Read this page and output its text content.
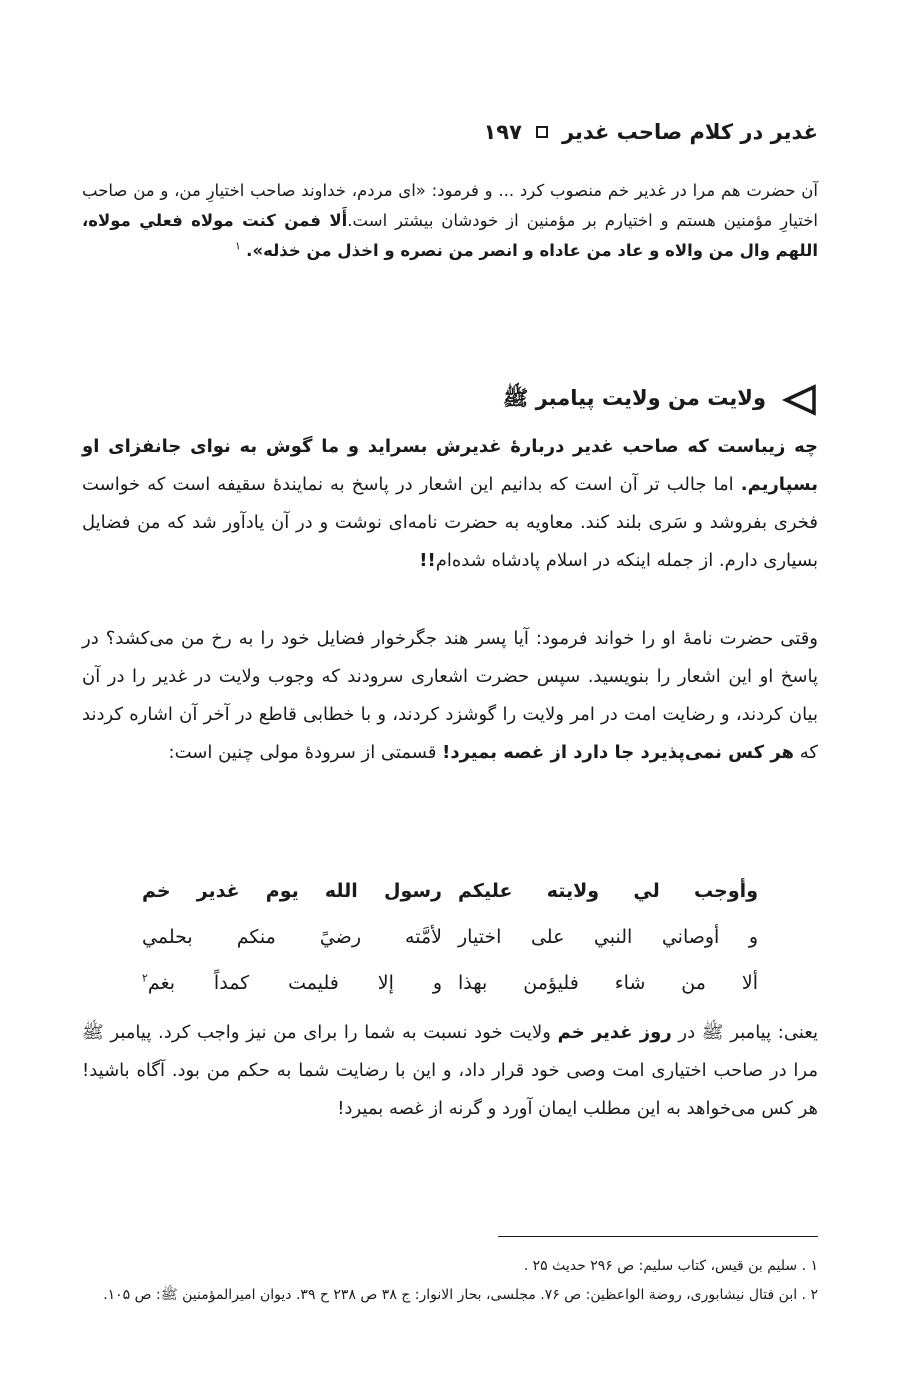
غدیر در کلام صاحب غدیر
۱۹۷
آن حضرت هم مرا در غدیر خم منصوب کرد ... و فرمود: «ای مردم، خداوند صاحب اختیارِ من، و من صاحب اختیارِ مؤمنین هستم و اختیارم بر مؤمنین از خودشان بیشتر است.أَلا فمن كنت مولاه فعلي مولاه، اللهم وال من والاه و عاد من عاداه و انصر من نصره و اخذل من خذله». $^۱$
ولایت من ولایت پیامبر ﷺ
چه زیباست که صاحب غدیر دربارهٔ غدیرش بسراید و ما گوش به نوای جانفزای او بسپاریم. اما جالب تر آن است که بدانیم این اشعار در پاسخ به نمایندهٔ سقیفه است که خواست فخری بفروشد و سَری بلند کند. معاویه به حضرت نامه‌ای نوشت و در آن یادآور شد که من فضایل بسیاری دارم. از جمله اینکه در اسلام پادشاه شده‌ام!!
وقتی حضرت نامهٔ او را خواند فرمود: آیا پسر هند جگرخوار فضایل خود را به رخ من می‌کشد؟ در پاسخ او این اشعار را بنویسید. سپس حضرت اشعاری سرودند که وجوب ولایت در غدیر را در آن بیان کردند، و رضایت امت در امر ولایت را گوشزد کردند، و با خطابی قاطع در آخر آن اشاره کردند که هر کس نمی‌پذیرد جا دارد از غصه بمیرد! قسمتی از سرودهٔ مولی چنین است:
وأوجب لي ولايته عليكم
رسول الله يوم غدير خم
و أوصاني النبي على اختيار
لأمَّته رضيً منكم بحلمي
ألا من شاء فليؤمن بهذا
و إلا فليمت كمداً بغم$^۲$
یعنی: پیامبر ﷺ در روز غدیر خم ولایت خود نسبت به شما را برای من نیز واجب کرد. پیامبر ﷺ مرا در صاحب اختیاری امت وصی خود قرار داد، و این با رضایت شما به حکم من بود. آگاه باشید! هر کس می‌خواهد به این مطلب ایمان آورد و گرنه از غصه بمیرد!

۱ . سلیم بن قیس، کتاب سلیم: ص ۲۹۶ حدیث ۲۵ .

۲ . ابن فتال نیشابوری، روضة الواعظین: ص ۷۶. مجلسی، بحار الانوار: ج ۳۸ ص ۲۳۸ ح ۳۹. دیوان امیرالمؤمنین ﷺ: ص ۱۰۵.
